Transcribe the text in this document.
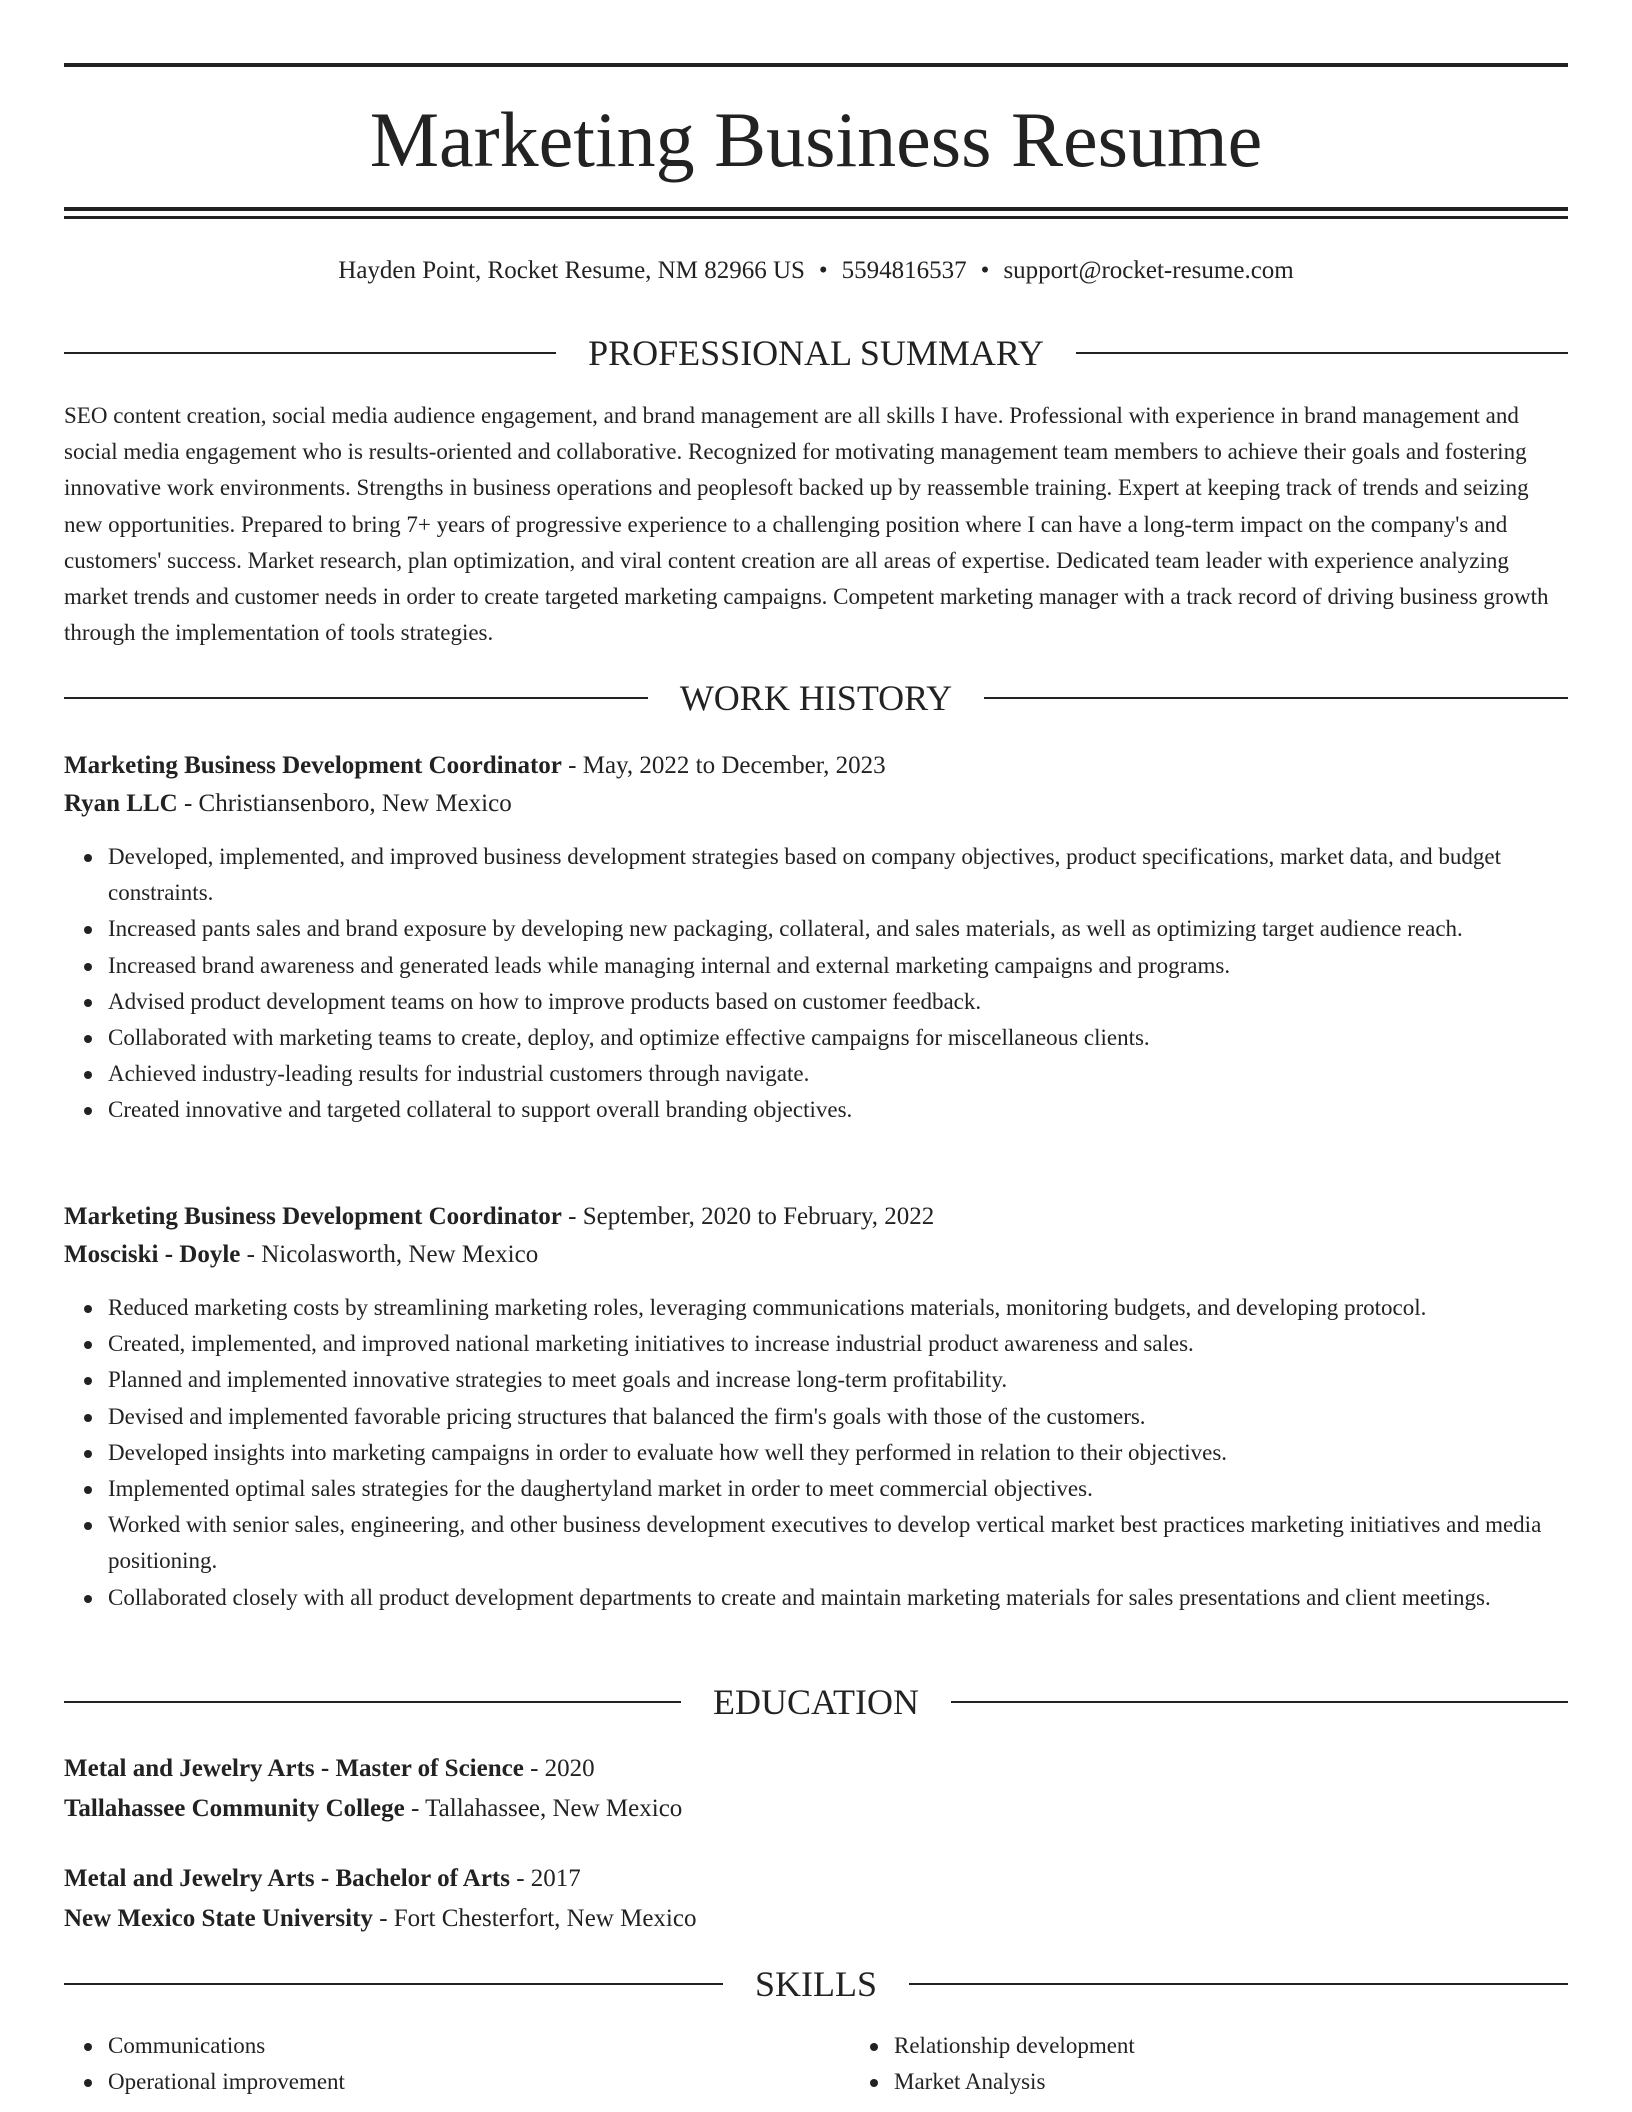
Marketing Business Resume
Hayden Point, Rocket Resume, NM 82966 US • 5594816537 • support@rocket-resume.com
PROFESSIONAL SUMMARY

SEO content creation, social media audience engagement, and brand management are all skills I have. Professional with experience in brand management and social media engagement who is results-oriented and collaborative. Recognized for motivating management team members to achieve their goals and fostering innovative work environments. Strengths in business operations and peoplesoft backed up by reassemble training. Expert at keeping track of trends and seizing new opportunities. Prepared to bring 7+ years of progressive experience to a challenging position where I can have a long-term impact on the company's and customers' success. Market research, plan optimization, and viral content creation are all areas of expertise. Dedicated team leader with experience analyzing market trends and customer needs in order to create targeted marketing campaigns. Competent marketing manager with a track record of driving business growth through the implementation of tools strategies.

WORK HISTORY
Marketing Business Development Coordinator - May, 2022 to December, 2023
Ryan LLC - Christiansenboro, New Mexico
Developed, implemented, and improved business development strategies based on company objectives, product specifications, market data, and budget constraints.
Increased pants sales and brand exposure by developing new packaging, collateral, and sales materials, as well as optimizing target audience reach.
Increased brand awareness and generated leads while managing internal and external marketing campaigns and programs.
Advised product development teams on how to improve products based on customer feedback.
Collaborated with marketing teams to create, deploy, and optimize effective campaigns for miscellaneous clients.
Achieved industry-leading results for industrial customers through navigate.
Created innovative and targeted collateral to support overall branding objectives.
Marketing Business Development Coordinator - September, 2020 to February, 2022
Mosciski - Doyle - Nicolasworth, New Mexico
Reduced marketing costs by streamlining marketing roles, leveraging communications materials, monitoring budgets, and developing protocol.
Created, implemented, and improved national marketing initiatives to increase industrial product awareness and sales.
Planned and implemented innovative strategies to meet goals and increase long-term profitability.
Devised and implemented favorable pricing structures that balanced the firm's goals with those of the customers.
Developed insights into marketing campaigns in order to evaluate how well they performed in relation to their objectives.
Implemented optimal sales strategies for the daughertyland market in order to meet commercial objectives.
Worked with senior sales, engineering, and other business development executives to develop vertical market best practices marketing initiatives and media positioning.
Collaborated closely with all product development departments to create and maintain marketing materials for sales presentations and client meetings.
EDUCATION
Metal and Jewelry Arts - Master of Science - 2020
Tallahassee Community College - Tallahassee, New Mexico
Metal and Jewelry Arts - Bachelor of Arts - 2017
New Mexico State University - Fort Chesterfort, New Mexico
SKILLS
Communications
Operational improvement
Relationship development
Market Analysis
